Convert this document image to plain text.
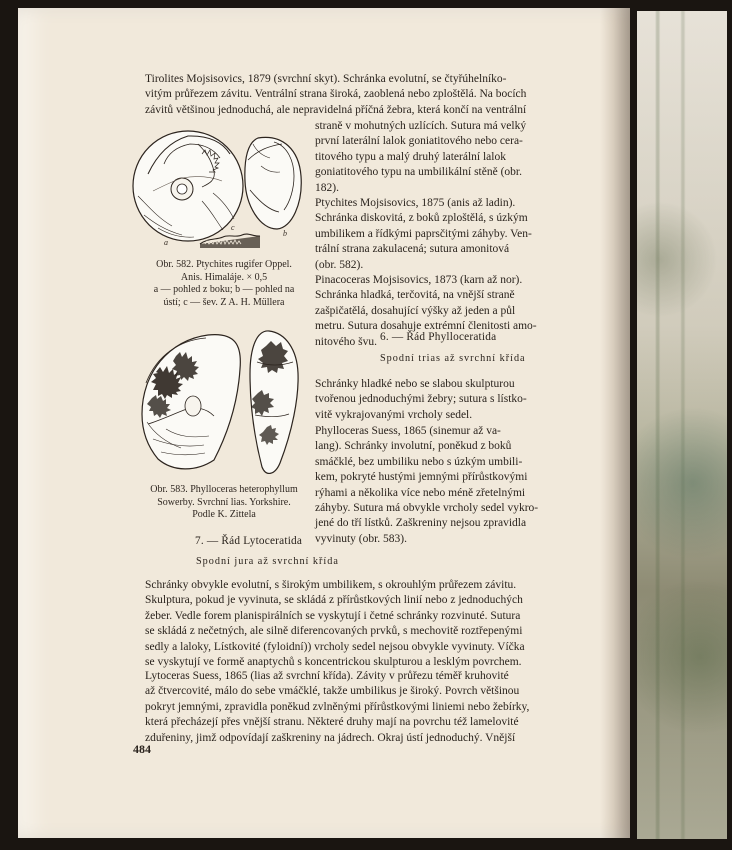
Tirolites Mojsisovics, 1879 (svrchní skyt). Schránka evolutní, se čtyřúhelníko-
vitým průřezem závitu. Ventrální strana široká, zaoblená nebo zploštělá. Na bocích
závitů většinou jednoduchá, ale nepravidelná příčná žebra, která končí na ventrální
straně v mohutných uzlících. Sutura má velký
první laterální lalok goniatitového nebo cera-
titového typu a malý druhý laterální lalok
goniatitového typu na umbilikální stěně (obr.
182).
Ptychites Mojsisovics, 1875 (anis až ladin).
Schránka diskovitá, z boků zploštělá, s úzkým
umbilikem a řídkými paprsčitými záhyby. Ven-
trální strana zakulacená; sutura amonitová
(obr. 582).
Pinacoceras Mojsisovics, 1873 (karn až nor).
Schránka hladká, terčovitá, na vnější straně
zašpičatělá, dosahující výšky až jeden a půl
metru. Sutura dosahuje extrémní členitosti amo-
nitového švu. 6. — Řád Phylloceratida
Spodní trias až svrchní křída
Schránky hladké nebo se slabou skulpturou
tvořenou jednoduchými žebry; sutura s lístko-
vitě vykrajovanými vrcholy sedel.
Phylloceras Suess, 1865 (sinemur až va-
lang). Schránky involutní, poněkud z boků
smáčklé, bez umbiliku nebo s úzkým umbili-
kem, pokryté hustými jemnými přírůstkovými
rýhami a několika více nebo méně zřetelnými
záhyby. Sutura má obvykle vrcholy sedel vykro-
jené do tří lístků. Zaškreniny nejsou zpravidla
vyvinuty (obr. 583).
a
b
c
Obr. 582. Ptychites rugifer Oppel.
Anis. Himaláje. × 0,5
a — pohled z boku; b — pohled na
ústí; c — šev. Z A. H. Müllera
Obr. 583. Phylloceras heterophyllum
Sowerby. Svrchní lias. Yorkshire.
Podle K. Zittela
7. — Řád Lytoceratida
Spodní jura až svrchní křída
Schránky obvykle evolutní, s širokým umbilikem, s okrouhlým průřezem závitu.
Skulptura, pokud je vyvinuta, se skládá z přírůstkových linií nebo z jednoduchých
žeber. Vedle forem planispirálních se vyskytují i četné schránky rozvinuté. Sutura
se skládá z nečetných, ale silně diferencovaných prvků, s mechovitě roztřepenými
sedly a laloky, Lístkovité (fyloidní)) vrcholy sedel nejsou obvykle vyvinuty. Víčka
se vyskytují ve formě anaptychů s koncentrickou skulpturou a lesklým povrchem.
Lytoceras Suess, 1865 (lias až svrchní křída). Závity v průřezu téměř kruhovité
až čtvercovité, málo do sebe vmáčklé, takže umbilikus je široký. Povrch většinou
pokryt jemnými, zpravidla poněkud zvlněnými přírůstkovými liniemi nebo žebírky,
která přecházejí přes vnější stranu. Některé druhy mají na povrchu též lamelovité
zduřeniny, jimž odpovídají zaškreniny na jádrech. Okraj ústí jednoduchý. Vnější
484
